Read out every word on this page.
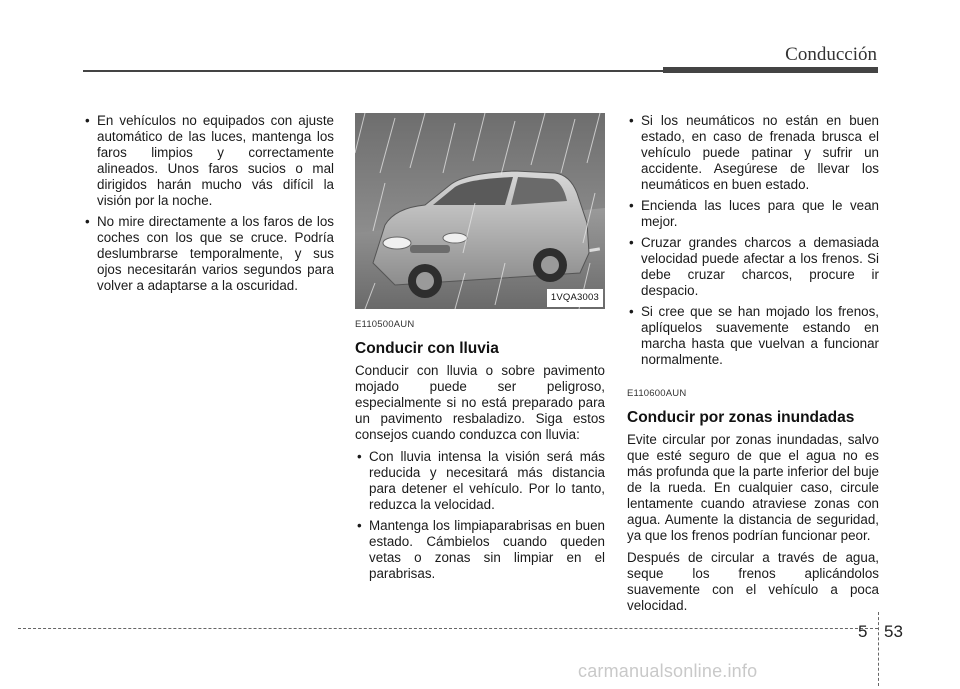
Conducción
• En vehículos no equipados con ajuste automático de las luces, mantenga los faros limpios y correctamente alineados. Unos faros sucios o mal dirigidos harán mucho vás difícil la visión por la noche.
• No mire directamente a los faros de los coches con los que se cruce. Podría deslumbrarse temporalmente, y sus ojos necesitarán varios segundos para volver a adaptarse a la oscuridad.
1VQA3003
E110500AUN
Conducir con lluvia

Conducir con lluvia o sobre pavimento mojado puede ser peligroso, especialmente si no está preparado para un pavimento resbaladizo. Siga estos consejos cuando conduzca con lluvia:

• Con lluvia intensa la visión será más reducida y necesitará más distancia para detener el vehículo. Por lo tanto, reduzca la velocidad.
• Mantenga los limpiaparabrisas en buen estado. Cámbielos cuando queden vetas o zonas sin limpiar en el parabrisas.
• Si los neumáticos no están en buen estado, en caso de frenada brusca el vehículo puede patinar y sufrir un accidente. Asegúrese de llevar los neumáticos en buen estado.
• Encienda las luces para que le vean mejor.
• Cruzar grandes charcos a demasiada velocidad puede afectar a los frenos. Si debe cruzar charcos, procure ir despacio.
• Si cree que se han mojado los frenos, aplíquelos suavemente estando en marcha hasta que vuelvan a funcionar normalmente.
E110600AUN
Conducir por zonas inundadas

Evite circular por zonas inundadas, salvo que esté seguro de que el agua no es más profunda que la parte inferior del buje de la rueda. En cualquier caso, circule lentamente cuando atraviese zonas con agua. Aumente la distancia de seguridad, ya que los frenos podrían funcionar peor.

Después de circular a través de agua, seque los frenos aplicándolos suavemente con el vehículo a poca velocidad.

5 53
carmanualsonline.info
